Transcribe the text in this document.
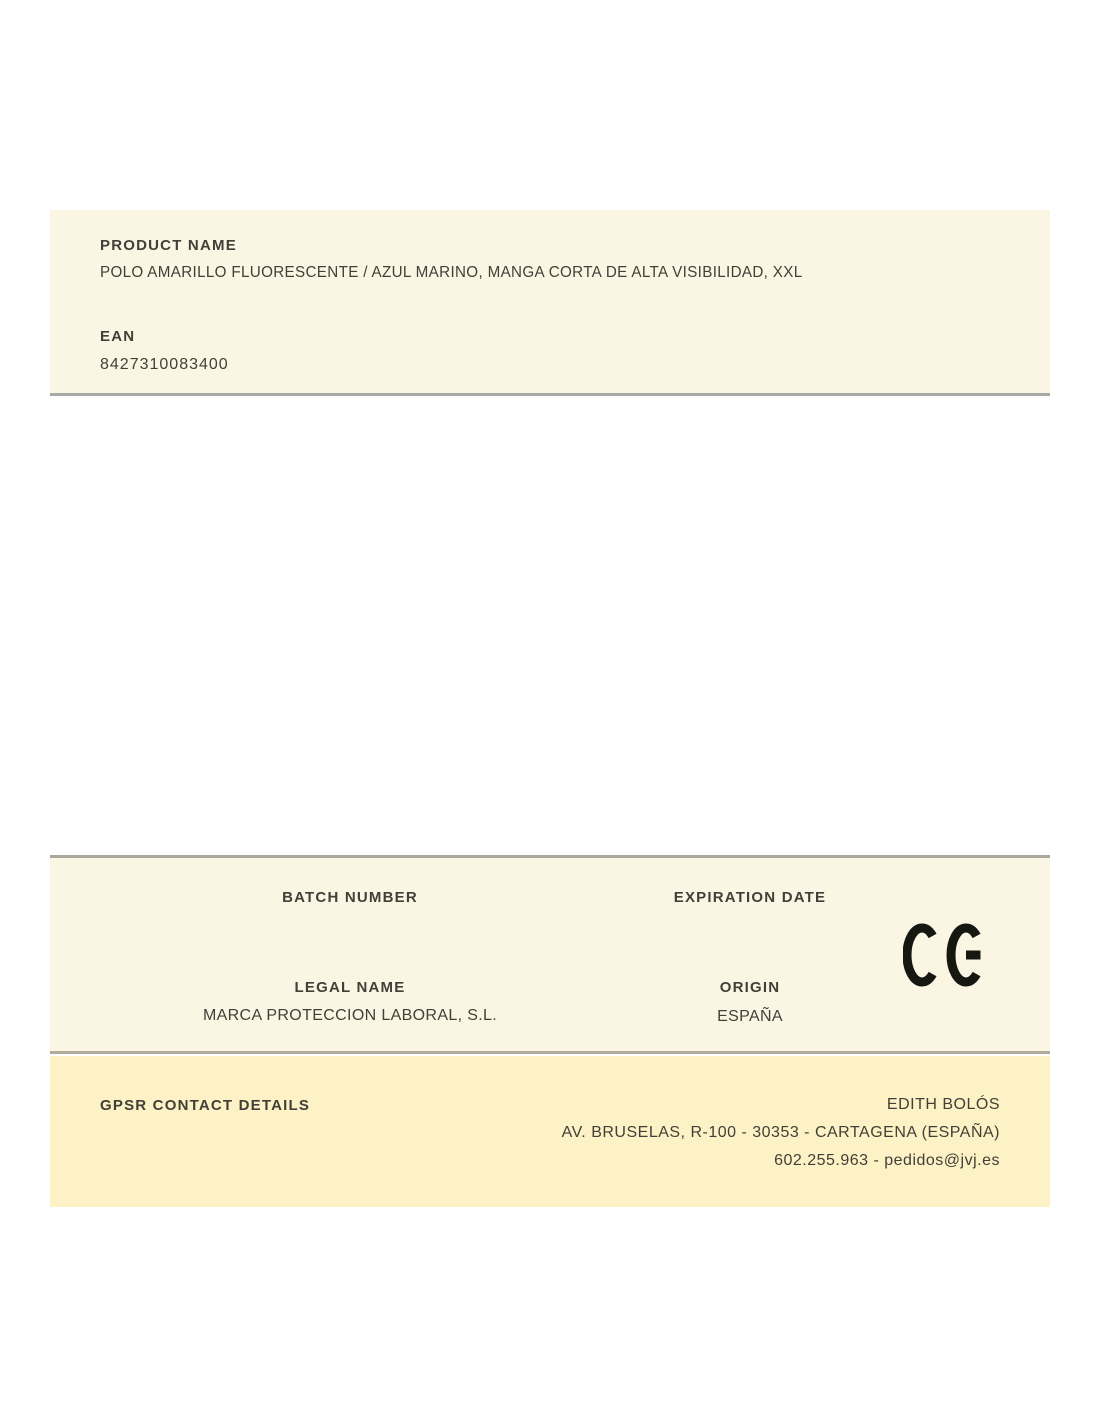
PRODUCT NAME
POLO AMARILLO FLUORESCENTE / AZUL MARINO, MANGA CORTA DE ALTA VISIBILIDAD, XXL
EAN
8427310083400
BATCH NUMBER
LEGAL NAME
MARCA PROTECCION LABORAL, S.L.
EXPIRATION DATE
ORIGIN
ESPAÑA
GPSR CONTACT DETAILS	EDITH BOLÓS
AV. BRUSELAS, R-100 - 30353 - CARTAGENA (ESPAÑA)
602.255.963 - pedidos@jvj.es
